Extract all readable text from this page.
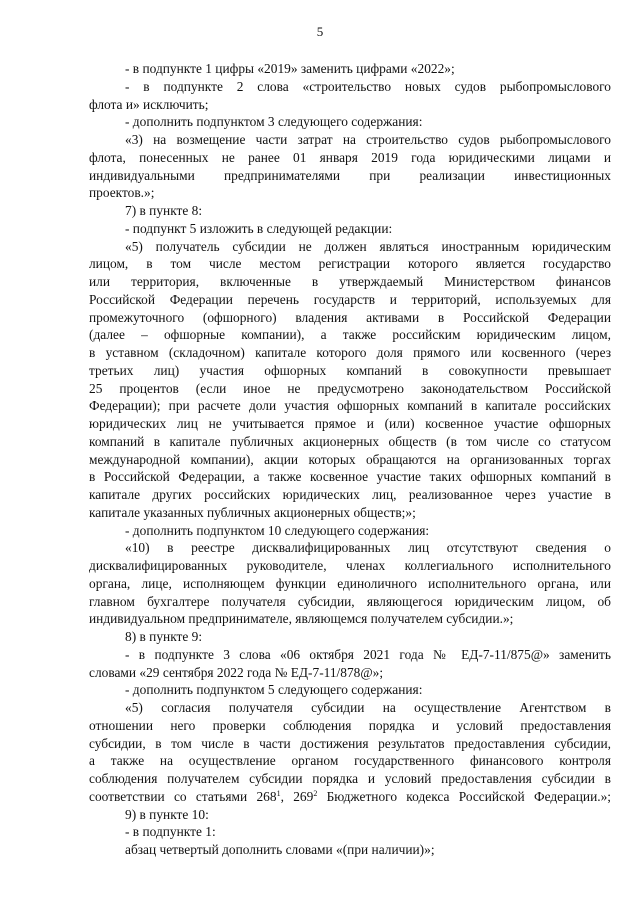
5
- в подпункте 1 цифры «2019» заменить цифрами «2022»;
- в подпункте 2 слова «строительство новых судов рыбопромыслового
флота и» исключить;
- дополнить подпунктом 3 следующего содержания:
«3) на возмещение части затрат на строительство судов рыбопромыслового
флота, понесенных не ранее 01 января 2019 года юридическими лицами и
индивидуальными предпринимателями при реализации инвестиционных
проектов.»;
7) в пункте 8:
- подпункт 5 изложить в следующей редакции:
«5) получатель субсидии не должен являться иностранным юридическим
лицом, в том числе местом регистрации которого является государство
или территория, включенные в утверждаемый Министерством финансов
Российской Федерации перечень государств и территорий, используемых для
промежуточного (офшорного) владения активами в Российской Федерации
(далее – офшорные компании), а также российским юридическим лицом,
в уставном (складочном) капитале которого доля прямого или косвенного (через
третьих лиц) участия офшорных компаний в совокупности превышает
25 процентов (если иное не предусмотрено законодательством Российской
Федерации); при расчете доли участия офшорных компаний в капитале российских
юридических лиц не учитывается прямое и (или) косвенное участие офшорных
компаний в капитале публичных акционерных обществ (в том числе со статусом
международной компании), акции которых обращаются на организованных торгах
в Российской Федерации, а также косвенное участие таких офшорных компаний в
капитале других российских юридических лиц, реализованное через участие в
капитале указанных публичных акционерных обществ;»;
- дополнить подпунктом 10 следующего содержания:
«10) в реестре дисквалифицированных лиц отсутствуют сведения о
дисквалифицированных руководителе, членах коллегиального исполнительного
органа, лице, исполняющем функции единоличного исполнительного органа, или
главном бухгалтере получателя субсидии, являющегося юридическим лицом, об
индивидуальном предпринимателе, являющемся получателем субсидии.»;
8) в пункте 9:
- в подпункте 3 слова «06 октября 2021 года № ЕД-7-11/875@» заменить
словами «29 сентября 2022 года № ЕД-7-11/878@»;
- дополнить подпунктом 5 следующего содержания:
«5) согласия получателя субсидии на осуществление Агентством в
отношении него проверки соблюдения порядка и условий предоставления
субсидии, в том числе в части достижения результатов предоставления субсидии,
а также на осуществление органом государственного финансового контроля
соблюдения получателем субсидии порядка и условий предоставления субсидии в
соответствии со статьями $268^1$, $269^2$ Бюджетного кодекса Российской Федерации.»;
9) в пункте 10:
- в подпункте 1:
абзац четвертый дополнить словами «(при наличии)»;
